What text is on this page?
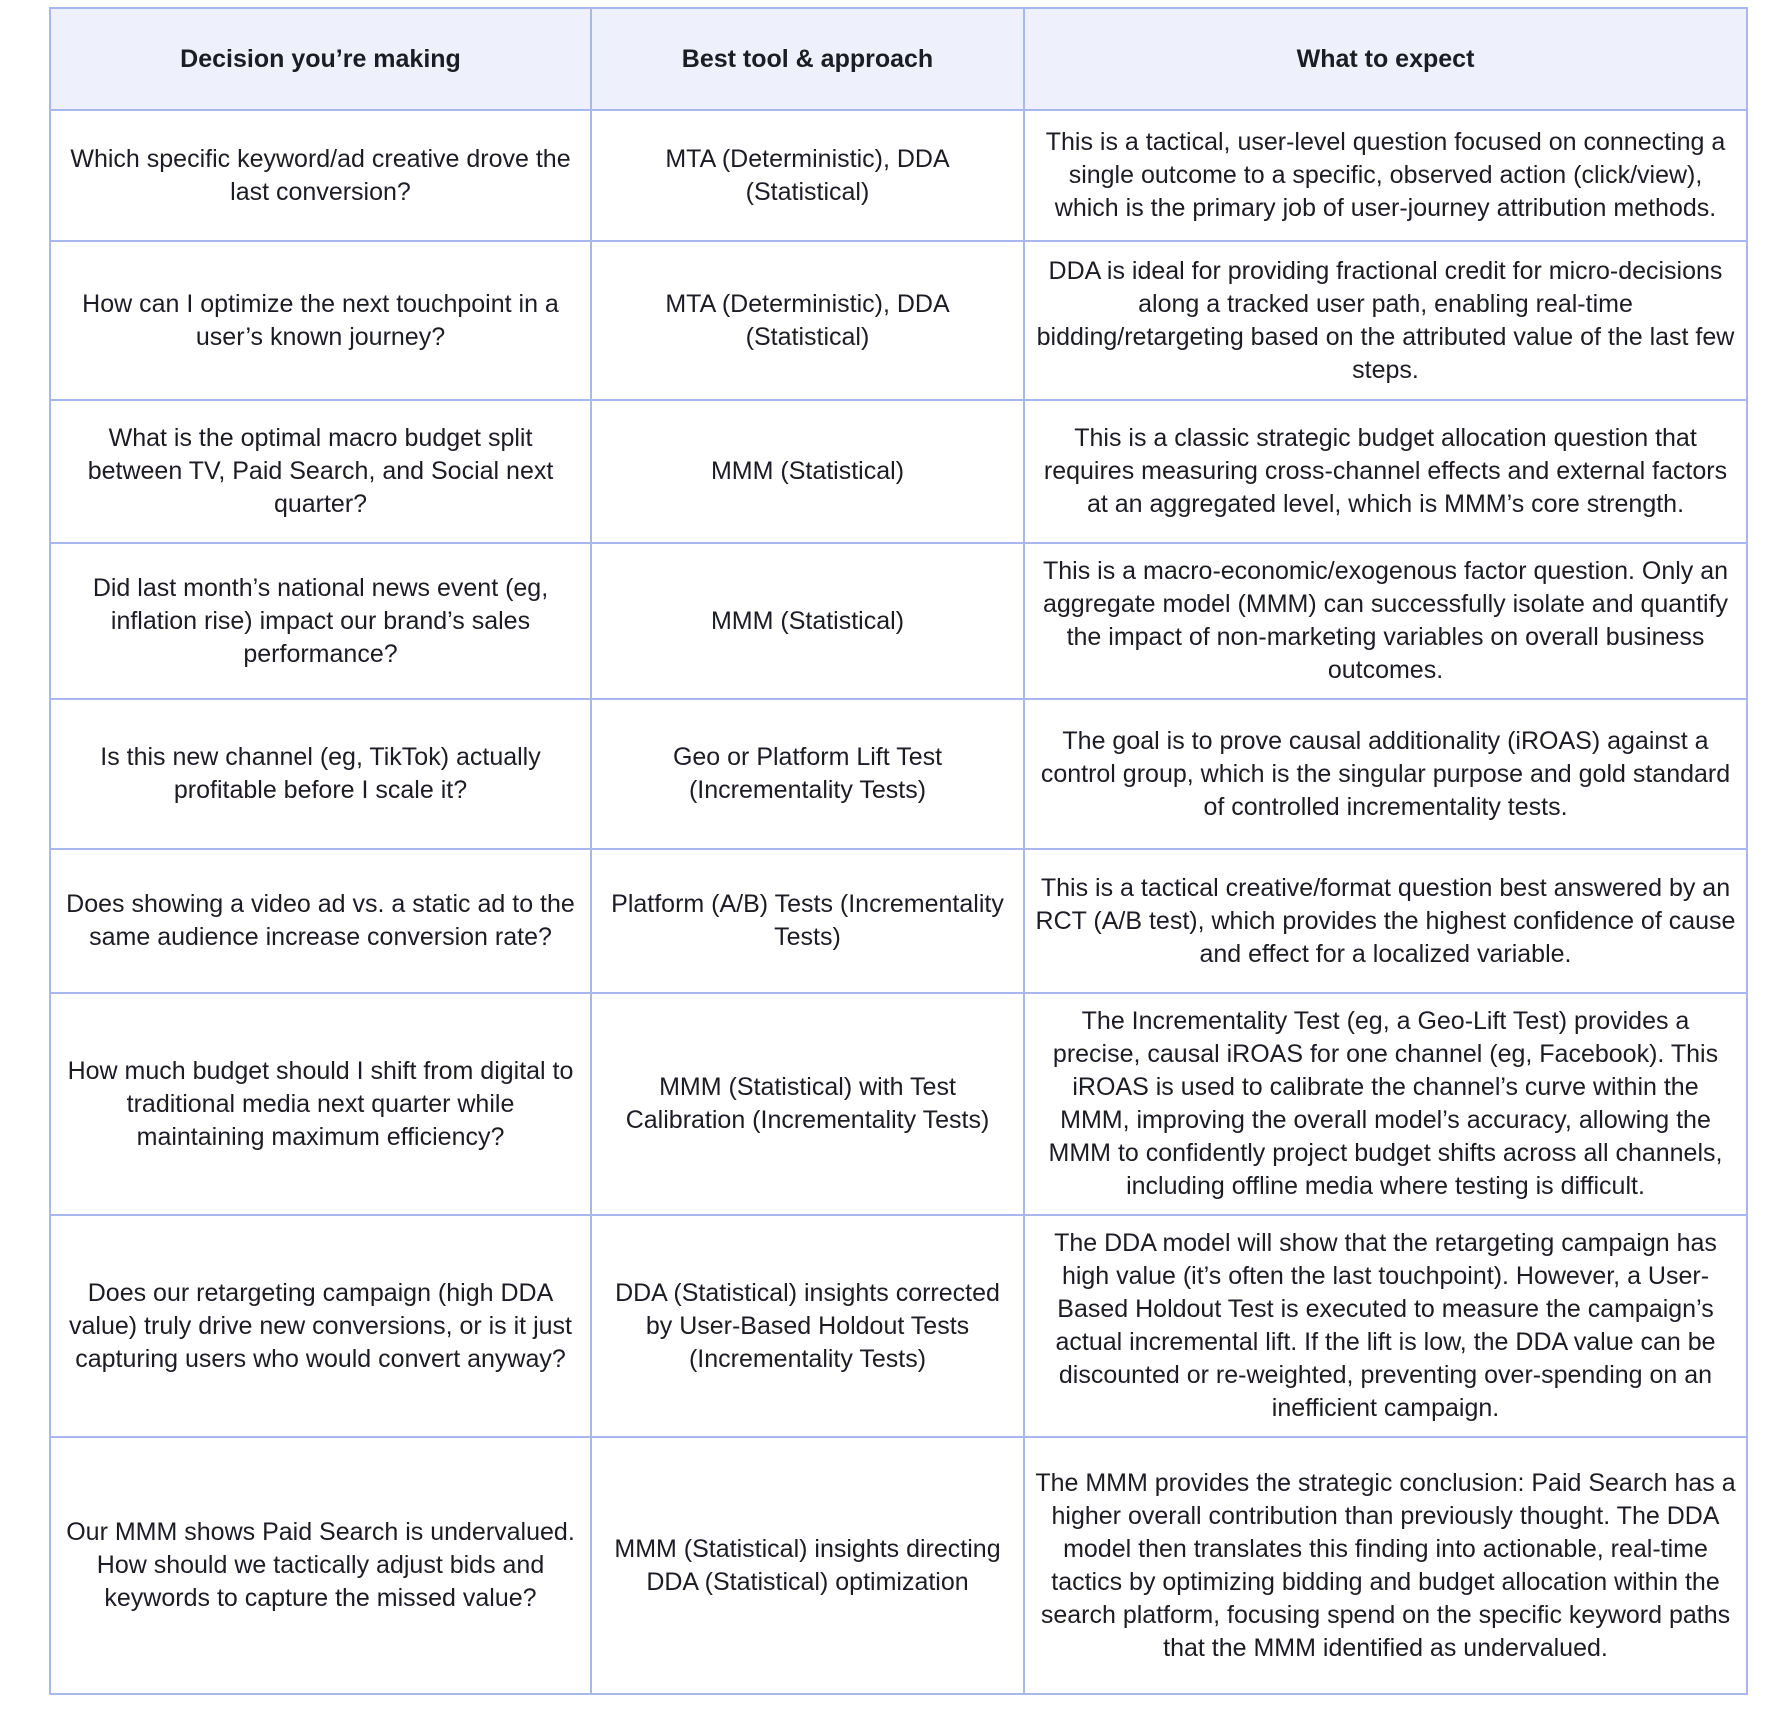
Decision you’re making	Best tool & approach	What to expect
Which specific keyword/ad creative drove the last conversion?	MTA (Deterministic), DDA (Statistical)	This is a tactical, user-level question focused on connecting a single outcome to a specific, observed action (click/view), which is the primary job of user-journey attribution methods.
How can I optimize the next touchpoint in a user’s known journey?	MTA (Deterministic), DDA (Statistical)	DDA is ideal for providing fractional credit for micro-decisions along a tracked user path, enabling real-time bidding/retargeting based on the attributed value of the last few steps.
What is the optimal macro budget split between TV, Paid Search, and Social next quarter?	MMM (Statistical)	This is a classic strategic budget allocation question that requires measuring cross-channel effects and external factors at an aggregated level, which is MMM’s core strength.
Did last month’s national news event (eg, inflation rise) impact our brand’s sales performance?	MMM (Statistical)	This is a macro-economic/exogenous factor question. Only an aggregate model (MMM) can successfully isolate and quantify the impact of non-marketing variables on overall business outcomes.
Is this new channel (eg, TikTok) actually profitable before I scale it?	Geo or Platform Lift Test (Incrementality Tests)	The goal is to prove causal additionality (iROAS) against a control group, which is the singular purpose and gold standard of controlled incrementality tests.
Does showing a video ad vs. a static ad to the same audience increase conversion rate?	Platform (A/B) Tests (Incrementality Tests)	This is a tactical creative/format question best answered by an RCT (A/B test), which provides the highest confidence of cause and effect for a localized variable.
How much budget should I shift from digital to traditional media next quarter while maintaining maximum efficiency?	MMM (Statistical) with Test Calibration (Incrementality Tests)	The Incrementality Test (eg, a Geo-Lift Test) provides a precise, causal iROAS for one channel (eg, Facebook). This iROAS is used to calibrate the channel’s curve within the MMM, improving the overall model’s accuracy, allowing the MMM to confidently project budget shifts across all channels, including offline media where testing is difficult.
Does our retargeting campaign (high DDA value) truly drive new conversions, or is it just capturing users who would convert anyway?	DDA (Statistical) insights corrected by User-Based Holdout Tests (Incrementality Tests)	The DDA model will show that the retargeting campaign has high value (it’s often the last touchpoint). However, a User-Based Holdout Test is executed to measure the campaign’s actual incremental lift. If the lift is low, the DDA value can be discounted or re-weighted, preventing over-spending on an inefficient campaign.
Our MMM shows Paid Search is undervalued. How should we tactically adjust bids and keywords to capture the missed value?	MMM (Statistical) insights directing DDA (Statistical) optimization	The MMM provides the strategic conclusion: Paid Search has a higher overall contribution than previously thought. The DDA model then translates this finding into actionable, real-time tactics by optimizing bidding and budget allocation within the search platform, focusing spend on the specific keyword paths that the MMM identified as undervalued.
